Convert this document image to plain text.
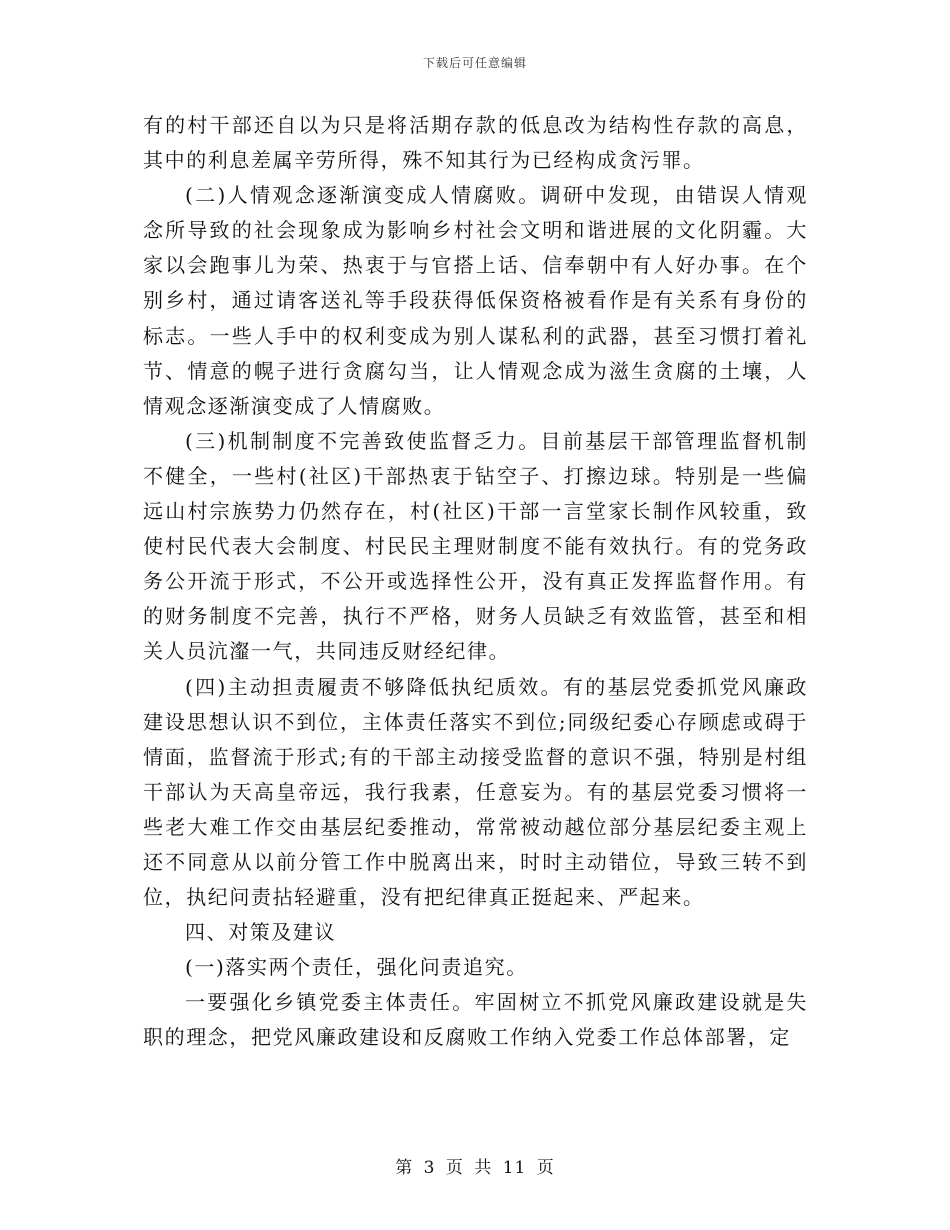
下载后可任意编辑

有的村干部还自以为只是将活期存款的低息改为结构性存款的高息，其中的利息差属辛劳所得，殊不知其行为已经构成贪污罪。

(二)人情观念逐渐演变成人情腐败。调研中发现，由错误人情观念所导致的社会现象成为影响乡村社会文明和谐进展的文化阴霾。大家以会跑事儿为荣、热衷于与官搭上话、信奉朝中有人好办事。在个别乡村，通过请客送礼等手段获得低保资格被看作是有关系有身份的标志。一些人手中的权利变成为别人谋私利的武器，甚至习惯打着礼节、情意的幌子进行贪腐勾当，让人情观念成为滋生贪腐的土壤，人情观念逐渐演变成了人情腐败。

(三)机制制度不完善致使监督乏力。目前基层干部管理监督机制不健全，一些村(社区)干部热衷于钻空子、打擦边球。特别是一些偏远山村宗族势力仍然存在，村(社区)干部一言堂家长制作风较重，致使村民代表大会制度、村民民主理财制度不能有效执行。有的党务政务公开流于形式，不公开或选择性公开，没有真正发挥监督作用。有的财务制度不完善，执行不严格，财务人员缺乏有效监管，甚至和相关人员沆瀣一气，共同违反财经纪律。

(四)主动担责履责不够降低执纪质效。有的基层党委抓党风廉政建设思想认识不到位，主体责任落实不到位;同级纪委心存顾虑或碍于情面，监督流于形式;有的干部主动接受监督的意识不强，特别是村组干部认为天高皇帝远，我行我素，任意妄为。有的基层党委习惯将一些老大难工作交由基层纪委推动，常常被动越位部分基层纪委主观上还不同意从以前分管工作中脱离出来，时时主动错位，导致三转不到位，执纪问责拈轻避重，没有把纪律真正挺起来、严起来。

四、对策及建议

(一)落实两个责任，强化问责追究。

一要强化乡镇党委主体责任。牢固树立不抓党风廉政建设就是失职的理念，把党风廉政建设和反腐败工作纳入党委工作总体部署，定

第 3 页 共 11 页
